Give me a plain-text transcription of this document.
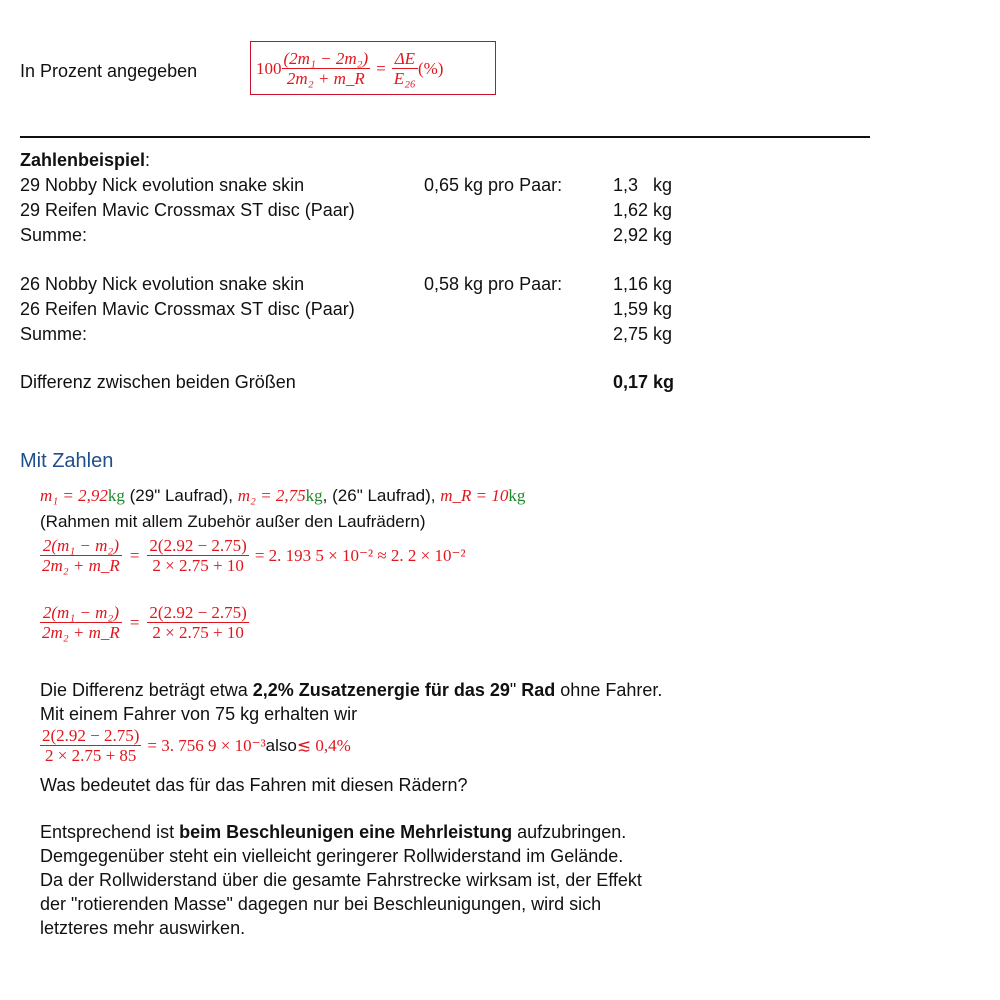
In Prozent angegeben	$100 \frac{\text{(2m₁ − 2m₂)}}{\text{2m₂ + m\_R}} = \frac{\Delta E}{\text{E₂₆}}$ (%)
Zahlenbeispiel:
29 Nobby Nick evolution snake skin	0,65 kg pro Paar:	1,3   kg
29 Reifen Mavic Crossmax ST disc (Paar)	1,62 kg
Summe:	2,92 kg
26 Nobby Nick evolution snake skin	0,58 kg pro Paar:	1,16 kg
26 Reifen Mavic Crossmax ST disc (Paar)	1,59 kg
Summe:	2,75 kg
Differenz zwischen beiden Größen	0,17 kg
Mit Zahlen
m₁ = 2,92kg (29" Laufrad), m₂ = 2,75kg, (26" Laufrad), m_R = 10kg
(Rahmen mit allem Zubehör außer den Laufrädern)
$\frac{\text{2(m₁ − m₂)}}{\text{2m₂ + m\_R}} = \frac{2(2.92 - 2.75)}{2 \times 2.75 + 10} = 2$. 193 5 × 10⁻² ≈ 2. 2 × 10⁻²
$\frac{\text{2(m₁ − m₂)}}{\text{2m₂ + m\_R}} = \frac{2(2.92 - 2.75)}{2 \times 2.75 + 10}$
Die Differenz beträgt etwa 2,2% Zusatzenergie für das 29" Rad ohne Fahrer.
Mit einem Fahrer von 75 kg erhalten wir
$\frac{2(2.92 - 2.75)}{2 \times 2.75 + 85} = 3$. 756 9 × 10⁻³ also ≲ 0,4%
Was bedeutet das für das Fahren mit diesen Rädern?
Entsprechend ist beim Beschleunigen eine Mehrleistung aufzubringen.
Demgegenüber steht ein vielleicht geringerer Rollwiderstand im Gelände.
Da der Rollwiderstand über die gesamte Fahrstrecke wirksam ist, der Effekt
der "rotierenden Masse" dagegen nur bei Beschleunigungen, wird sich
letzteres mehr auswirken.
